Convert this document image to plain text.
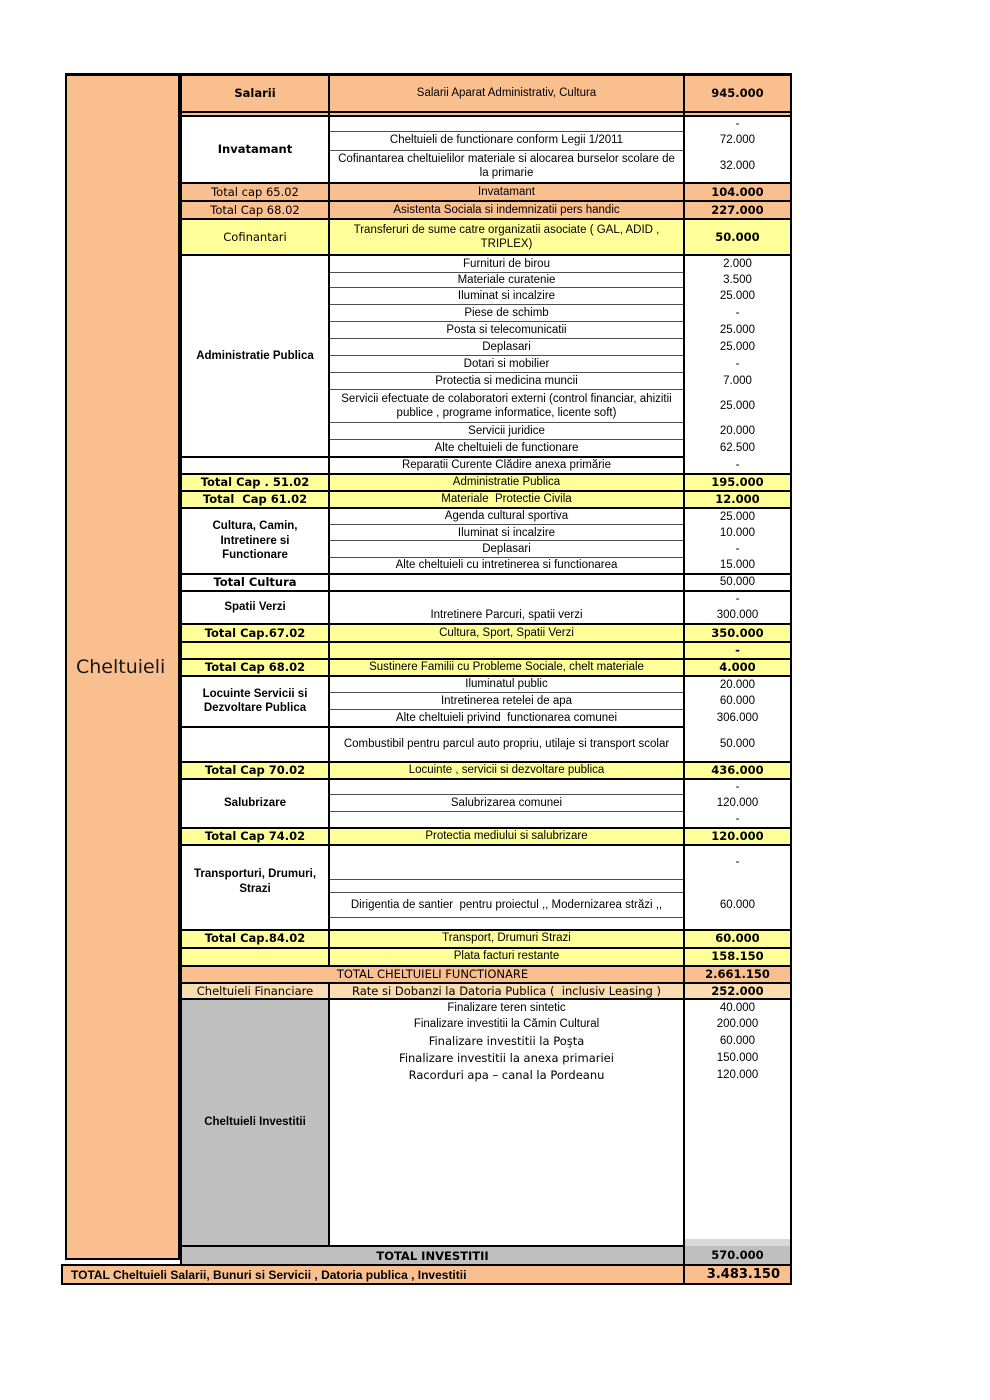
Cheltuieli
Salarii	Salarii Aparat Administrativ, Cultura	945.000

Invatamant		-
	Cheltuieli de functionare conform Legii 1/2011	72.000
	Cofinantarea cheltuielilor materiale si alocarea burselor scolare de la primarie	32.000
Total cap 65.02	Invatamant	104.000
Total Cap 68.02	Asistenta Sociala si indemnizatii pers handic	227.000
Cofinantari	Transferuri de sume catre organizatii asociate ( GAL, ADID , TRIPLEX)	50.000
Administratie Publica	Furnituri de birou	2.000
	Materiale curatenie	3.500
	Iluminat si incalzire	25.000
	Piese de schimb	-
	Posta si telecomunicatii	25.000
	Deplasari	25.000
	Dotari si mobilier	-
	Protectia si medicina muncii	7.000
	Servicii efectuate de colaboratori externi (control financiar, ahizitii publice , programe informatice, licente soft)	25.000
	Servicii juridice	20.000
	Alte cheltuieli de functionare	62.500
	Reparatii Curente Clădire anexa primărie	-
Total Cap . 51.02	Administratie Publica	195.000
Total  Cap 61.02	Materiale  Protectie Civila	12.000
Cultura, Camin, Intretinere si Functionare	Agenda cultural sportiva	25.000
	Iluminat si incalzire	10.000
	Deplasari	-
	Alte cheltuieli cu intretinerea si functionarea	15.000
Total Cultura		50.000
Spatii Verzi		-
	Intretinere Parcuri, spatii verzi	300.000
Total Cap.67.02	Cultura, Sport, Spatii Verzi	350.000
		-
Total Cap 68.02	Sustinere Familii cu Probleme Sociale, chelt materiale	4.000
Locuinte Servicii si Dezvoltare Publica	Iluminatul public	20.000
	Intretinerea retelei de apa	60.000
	Alte cheltuieli privind  functionarea comunei	306.000
	Combustibil pentru parcul auto propriu, utilaje si transport scolar	50.000
Total Cap 70.02	Locuinte , servicii si dezvoltare publica	436.000
Salubrizare		-
	Salubrizarea comunei	120.000
		-
Total Cap 74.02	Protectia mediului si salubrizare	120.000
Transporturi, Drumuri, Strazi		-

	Dirigentia de santier  pentru proiectul ,, Modernizarea străzi ,,	60.000

Total Cap.84.02	Transport, Drumuri Strazi	60.000
	Plata facturi restante	158.150
TOTAL CHELTUIELI FUNCTIONARE		2.661.150
Cheltuieli Financiare	Rate si Dobanzi la Datoria Publica (  inclusiv Leasing )	252.000
Cheltuieli Investitii	Finalizare teren sintetic	40.000
	Finalizare investitii la Cămin Cultural	200.000
	Finalizare investitii la Poşta	60.000
	Finalizare investitii la anexa primariei	150.000
	Racorduri apa – canal la Pordeanu	120.000

TOTAL INVESTITII		570.000
TOTAL Cheltuieli Salarii, Bunuri si Servicii , Datoria publica , Investitii	3.483.150
